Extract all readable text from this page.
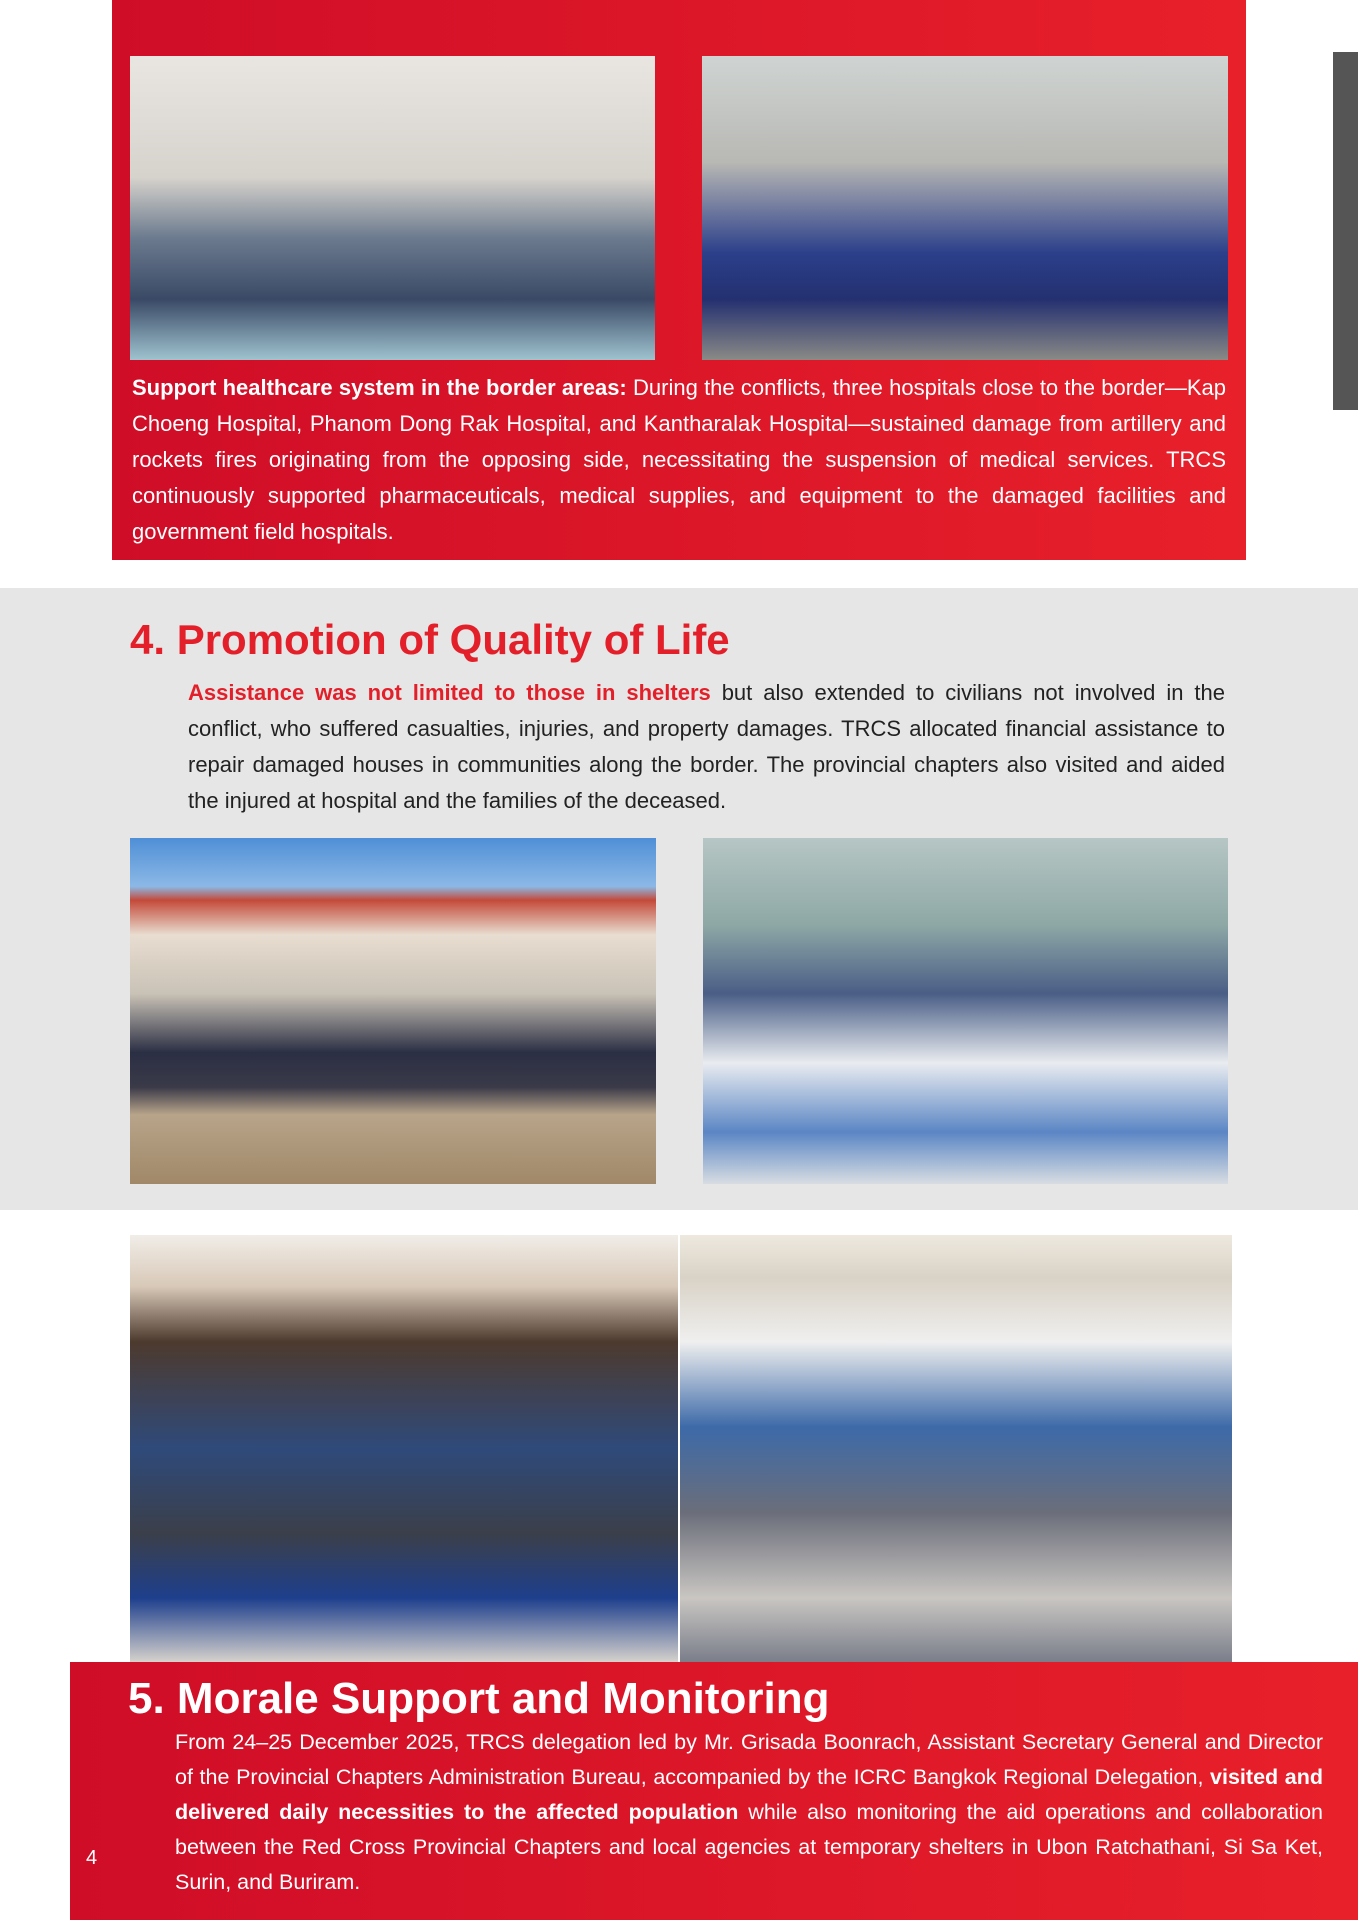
Support healthcare system in the border areas: During the conflicts, three hospitals close to the border—Kap Choeng Hospital, Phanom Dong Rak Hospital, and Kantharalak Hospital—sustained damage from artillery and rockets fires originating from the opposing side, necessitating the suspension of medical services. TRCS continuously supported pharmaceuticals, medical supplies, and equipment to the damaged facilities and government field hospitals.
4. Promotion of Quality of Life
Assistance was not limited to those in shelters but also extended to civilians not involved in the conflict, who suffered casualties, injuries, and property damages. TRCS allocated financial assistance to repair damaged houses in communities along the border. The provincial chapters also visited and aided the injured at hospital and the families of the deceased.
5. Morale Support and Monitoring
From 24–25 December 2025, TRCS delegation led by Mr. Grisada Boonrach, Assistant Secretary General and Director of the Provincial Chapters Administration Bureau, accompanied by the ICRC Bangkok Regional Delegation, visited and delivered daily necessities to the affected population while also monitoring the aid operations and collaboration between the Red Cross Provincial Chapters and local agencies at temporary shelters in Ubon Ratchathani, Si Sa Ket, Surin, and Buriram.
4
